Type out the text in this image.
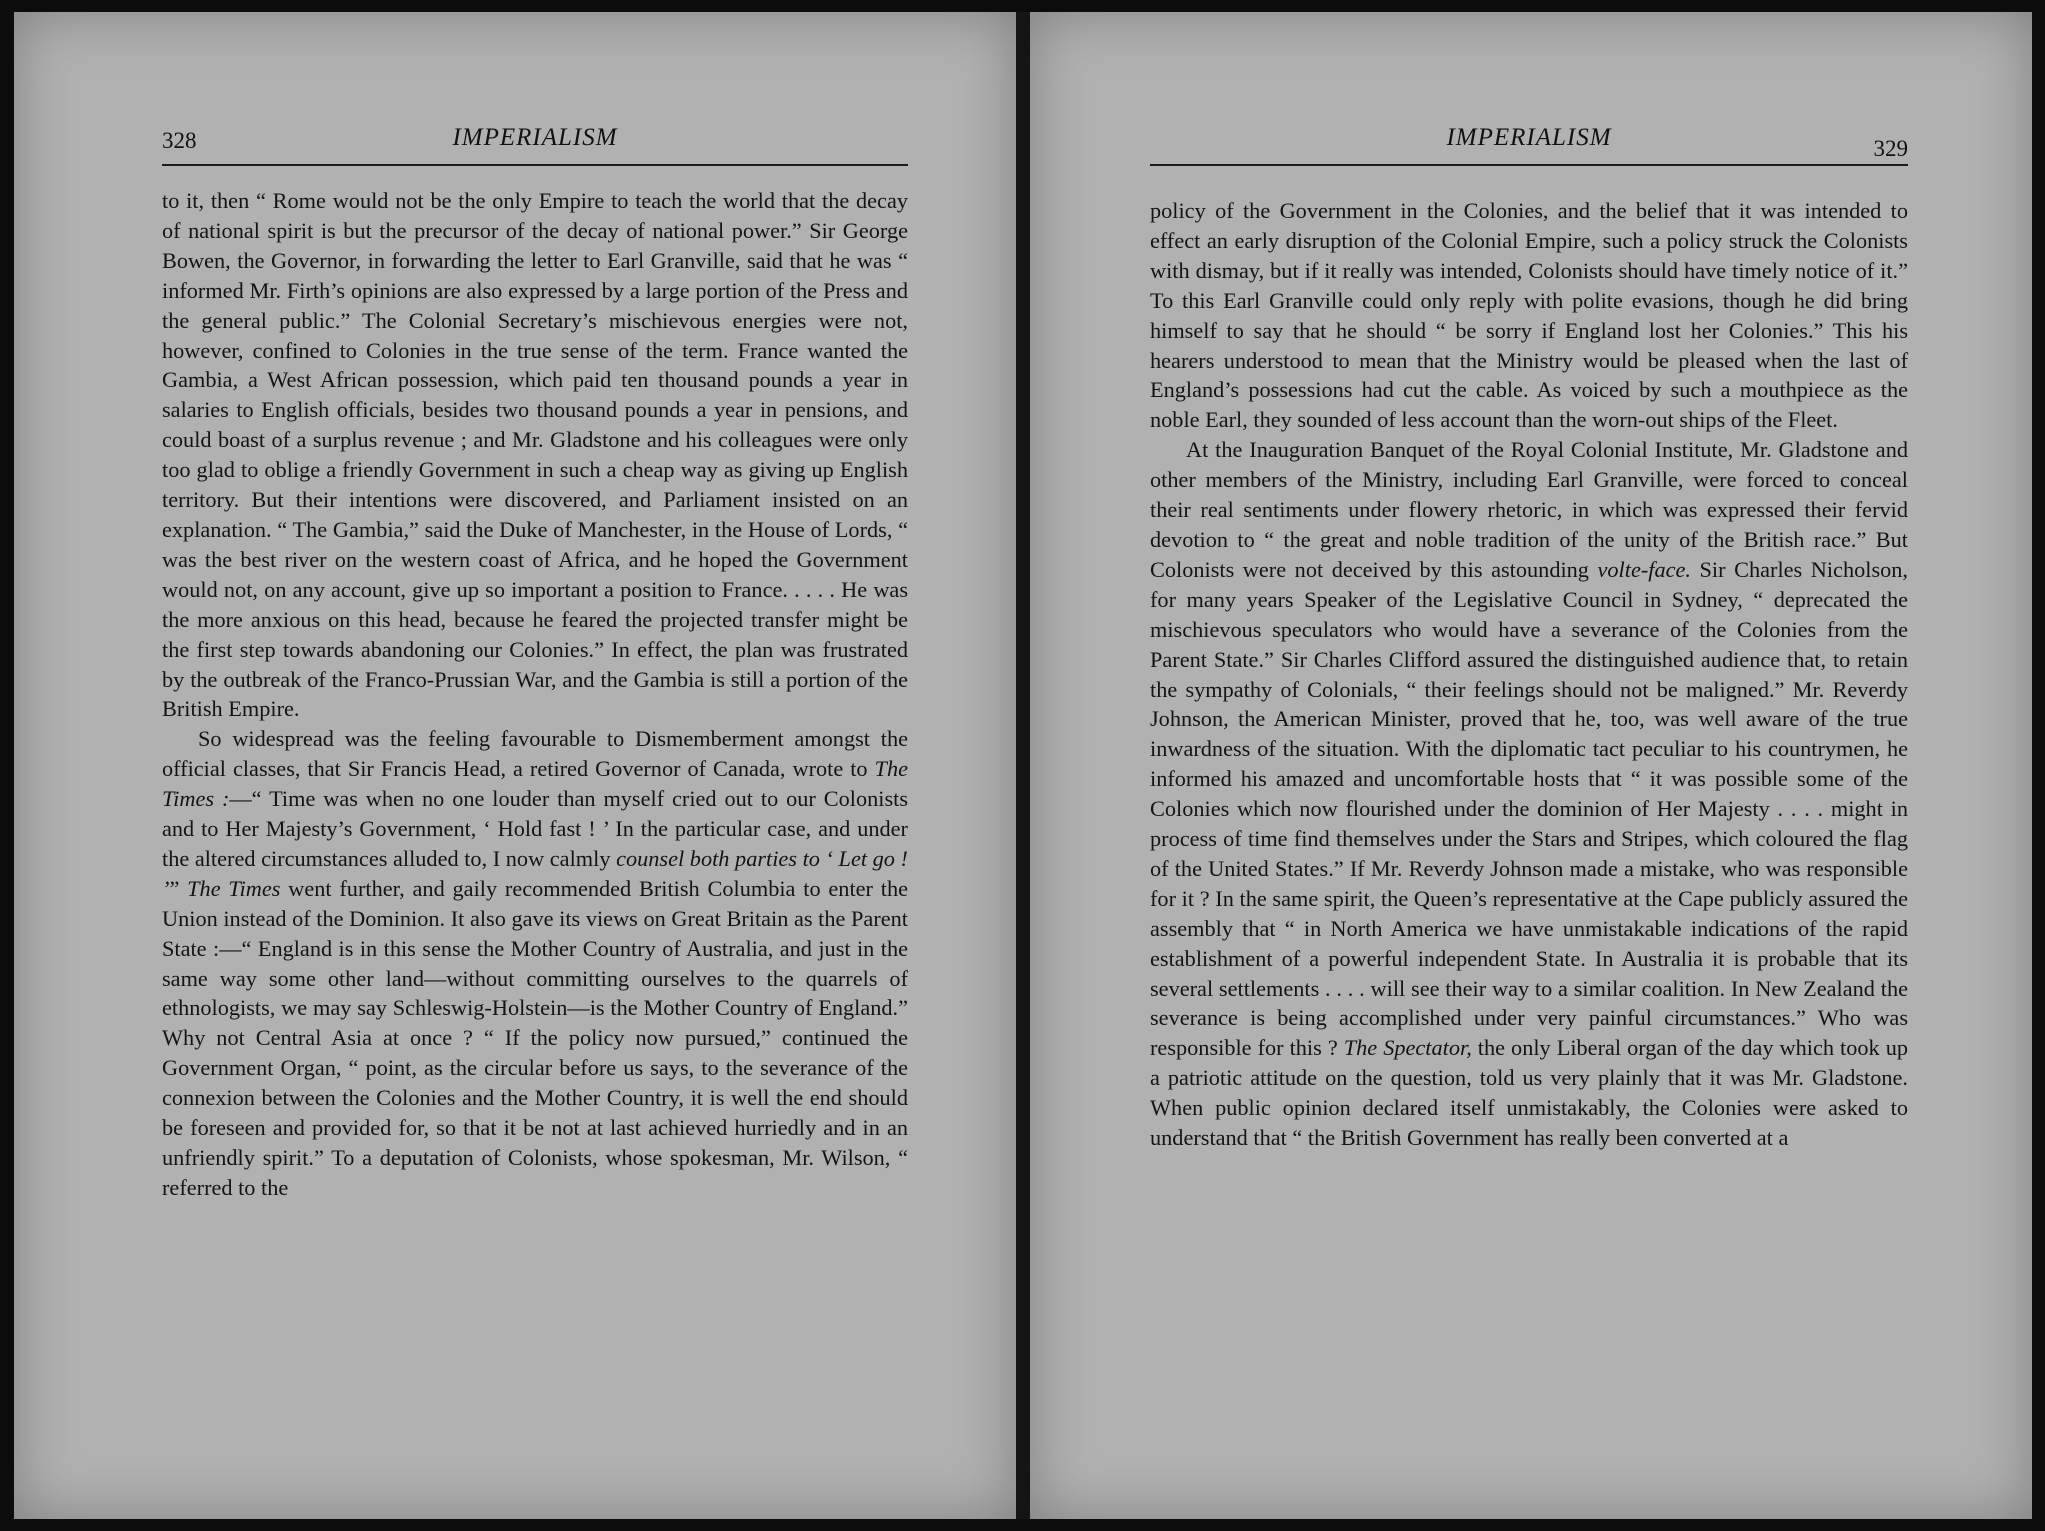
328	IMPERIALISM

to it, then “ Rome would not be the only Empire to teach the world that the decay of national spirit is but the precursor of the decay of national power.” Sir George Bowen, the Governor, in forwarding the letter to Earl Granville, said that he was “ informed Mr. Firth’s opinions are also expressed by a large portion of the Press and the general public.” The Colonial Secretary’s mischievous energies were not, however, confined to Colonies in the true sense of the term. France wanted the Gambia, a West African possession, which paid ten thousand pounds a year in salaries to English officials, besides two thousand pounds a year in pensions, and could boast of a surplus revenue ; and Mr. Gladstone and his colleagues were only too glad to oblige a friendly Government in such a cheap way as giving up English territory. But their intentions were discovered, and Parliament insisted on an explanation. “ The Gambia,” said the Duke of Manchester, in the House of Lords, “ was the best river on the western coast of Africa, and he hoped the Government would not, on any account, give up so important a position to France. . . . . He was the more anxious on this head, because he feared the projected transfer might be the first step towards abandoning our Colonies.” In effect, the plan was frustrated by the outbreak of the Franco-Prussian War, and the Gambia is still a portion of the British Empire.

So widespread was the feeling favourable to Dismemberment amongst the official classes, that Sir Francis Head, a retired Governor of Canada, wrote to The Times :—“ Time was when no one louder than myself cried out to our Colonists and to Her Majesty’s Government, ‘ Hold fast ! ’ In the particular case, and under the altered circumstances alluded to, I now calmly counsel both parties to ‘ Let go ! ’” The Times went further, and gaily recommended British Columbia to enter the Union instead of the Dominion. It also gave its views on Great Britain as the Parent State :—“ England is in this sense the Mother Country of Australia, and just in the same way some other land—without committing ourselves to the quarrels of ethnologists, we may say Schleswig-Holstein—is the Mother Country of England.” Why not Central Asia at once ? “ If the policy now pursued,” continued the Government Organ, “ point, as the circular before us says, to the severance of the connexion between the Colonies and the Mother Country, it is well the end should be foreseen and provided for, so that it be not at last achieved hurriedly and in an unfriendly spirit.” To a deputation of Colonists, whose spokesman, Mr. Wilson, “ referred to the

IMPERIALISM	329

policy of the Government in the Colonies, and the belief that it was intended to effect an early disruption of the Colonial Empire, such a policy struck the Colonists with dismay, but if it really was intended, Colonists should have timely notice of it.” To this Earl Granville could only reply with polite evasions, though he did bring himself to say that he should “ be sorry if England lost her Colonies.” This his hearers understood to mean that the Ministry would be pleased when the last of England’s possessions had cut the cable. As voiced by such a mouthpiece as the noble Earl, they sounded of less account than the worn-out ships of the Fleet.

At the Inauguration Banquet of the Royal Colonial Institute, Mr. Gladstone and other members of the Ministry, including Earl Granville, were forced to conceal their real sentiments under flowery rhetoric, in which was expressed their fervid devotion to “ the great and noble tradition of the unity of the British race.” But Colonists were not deceived by this astounding volte-face. Sir Charles Nicholson, for many years Speaker of the Legislative Council in Sydney, “ deprecated the mischievous speculators who would have a severance of the Colonies from the Parent State.” Sir Charles Clifford assured the distinguished audience that, to retain the sympathy of Colonials, “ their feelings should not be maligned.” Mr. Reverdy Johnson, the American Minister, proved that he, too, was well aware of the true inwardness of the situation. With the diplomatic tact peculiar to his countrymen, he informed his amazed and uncomfortable hosts that “ it was possible some of the Colonies which now flourished under the dominion of Her Majesty . . . . might in process of time find themselves under the Stars and Stripes, which coloured the flag of the United States.” If Mr. Reverdy Johnson made a mistake, who was responsible for it ? In the same spirit, the Queen’s representative at the Cape publicly assured the assembly that “ in North America we have unmistakable indications of the rapid establishment of a powerful independent State. In Australia it is probable that its several settlements . . . . will see their way to a similar coalition. In New Zealand the severance is being accomplished under very painful circumstances.” Who was responsible for this ? The Spectator, the only Liberal organ of the day which took up a patriotic attitude on the question, told us very plainly that it was Mr. Gladstone. When public opinion declared itself unmistakably, the Colonies were asked to understand that “ the British Government has really been converted at a
